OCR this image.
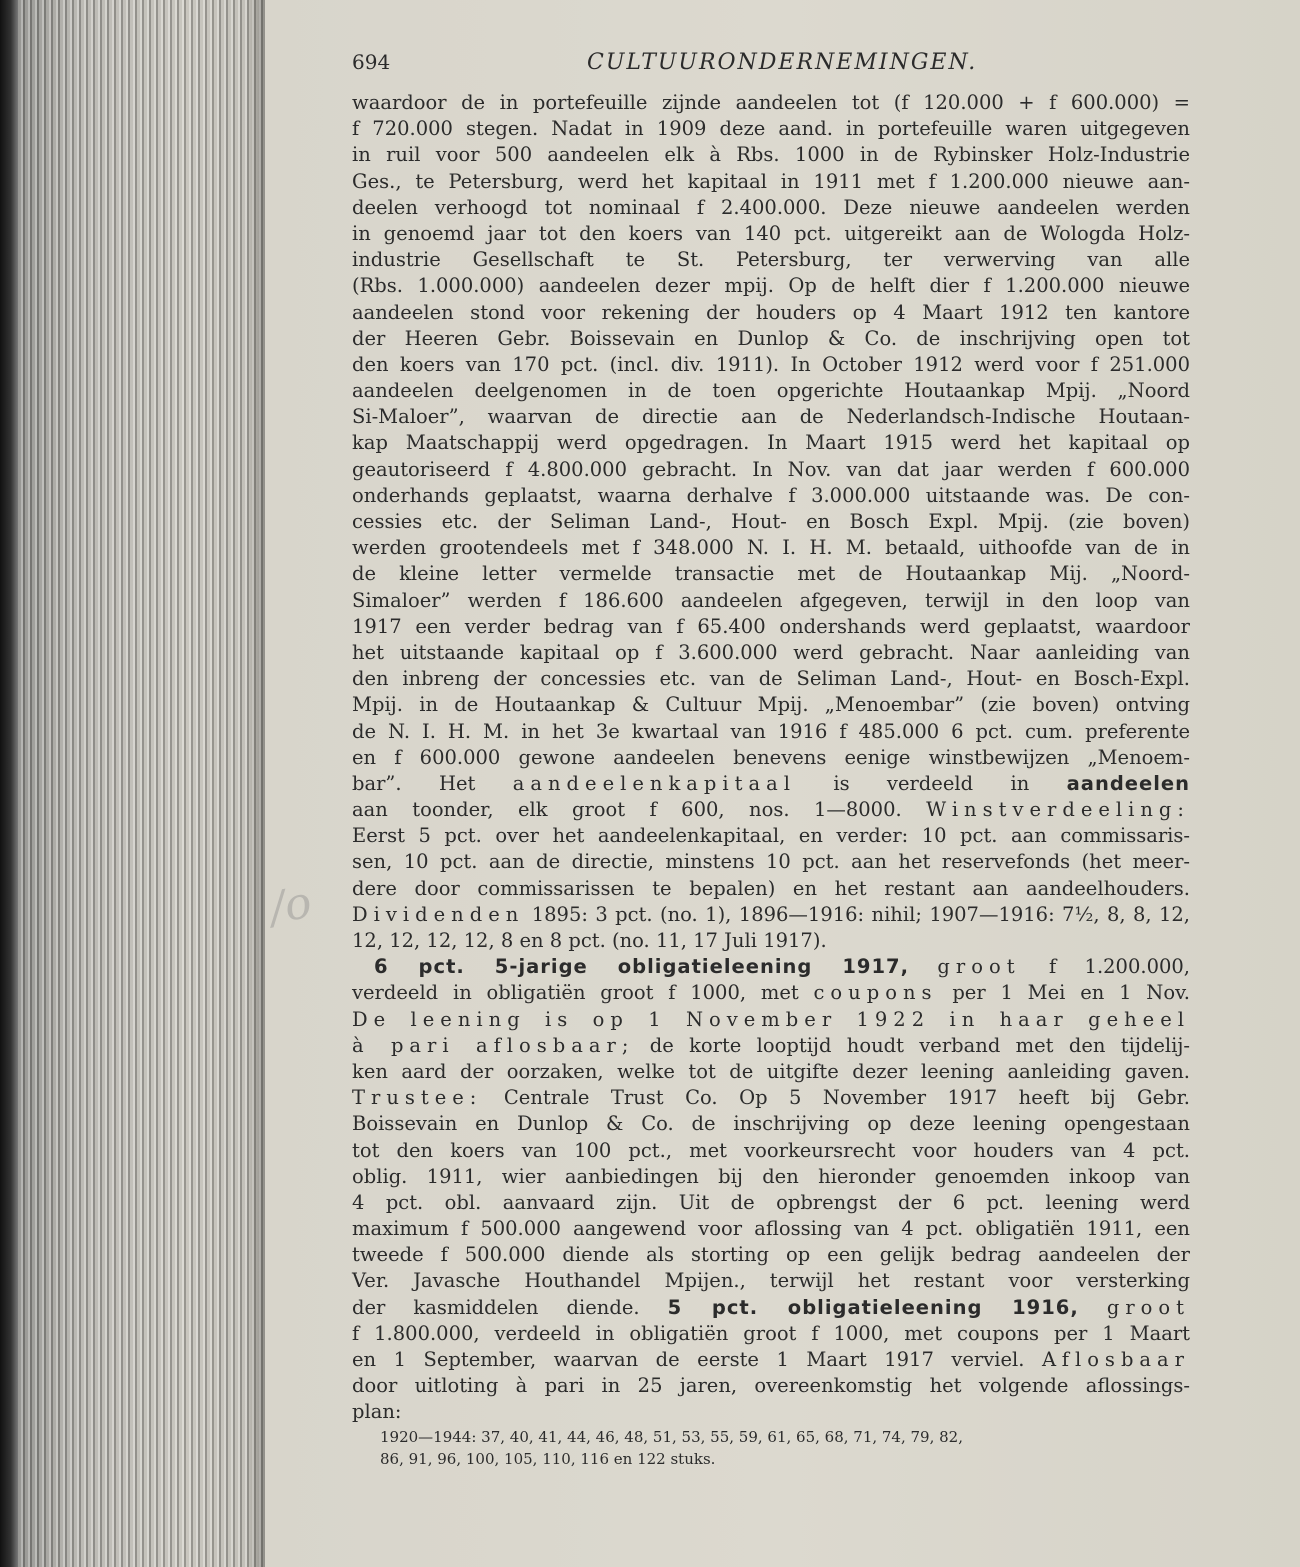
/o
694	CULTUURONDERNEMINGEN.
waardoor de in portefeuille zijnde aandeelen tot (f 120.000 + f 600.000) =
f 720.000 stegen. Nadat in 1909 deze aand. in portefeuille waren uitgegeven
in ruil voor 500 aandeelen elk à Rbs. 1000 in de Rybinsker Holz-Industrie
Ges., te Petersburg, werd het kapitaal in 1911 met f 1.200.000 nieuwe aan-
deelen verhoogd tot nominaal f 2.400.000. Deze nieuwe aandeelen werden
in genoemd jaar tot den koers van 140 pct. uitgereikt aan de Wologda Holz-
industrie Gesellschaft te St. Petersburg, ter verwerving van alle
(Rbs. 1.000.000) aandeelen dezer mpij. Op de helft dier f 1.200.000 nieuwe
aandeelen stond voor rekening der houders op 4 Maart 1912 ten kantore
der Heeren Gebr. Boissevain en Dunlop & Co. de inschrijving open tot
den koers van 170 pct. (incl. div. 1911). In October 1912 werd voor f 251.000
aandeelen deelgenomen in de toen opgerichte Houtaankap Mpij. „Noord
Si-Maloer”, waarvan de directie aan de Nederlandsch-Indische Houtaan-
kap Maatschappij werd opgedragen. In Maart 1915 werd het kapitaal op
geautoriseerd f 4.800.000 gebracht. In Nov. van dat jaar werden f 600.000
onderhands geplaatst, waarna derhalve f 3.000.000 uitstaande was. De con-
cessies etc. der Seliman Land-, Hout- en Bosch Expl. Mpij. (zie boven)
werden grootendeels met f 348.000 N. I. H. M. betaald, uithoofde van de in
de kleine letter vermelde transactie met de Houtaankap Mij. „Noord-
Simaloer” werden f 186.600 aandeelen afgegeven, terwijl in den loop van
1917 een verder bedrag van f 65.400 ondershands werd geplaatst, waardoor
het uitstaande kapitaal op f 3.600.000 werd gebracht. Naar aanleiding van
den inbreng der concessies etc. van de Seliman Land-, Hout- en Bosch-Expl.
Mpij. in de Houtaankap & Cultuur Mpij. „Menoembar” (zie boven) ontving
de N. I. H. M. in het 3e kwartaal van 1916 f 485.000 6 pct. cum. preferente
en f 600.000 gewone aandeelen benevens eenige winstbewijzen „Menoem-
bar”. Het aandeelenkapitaal is verdeeld in aandeelen
aan toonder, elk groot f 600, nos. 1—8000. Winstverdeeling:
Eerst 5 pct. over het aandeelenkapitaal, en verder: 10 pct. aan commissaris-
sen, 10 pct. aan de directie, minstens 10 pct. aan het reservefonds (het meer-
dere door commissarissen te bepalen) en het restant aan aandeelhouders.
Dividenden 1895: 3 pct. (no. 1), 1896—1916: nihil; 1907—1916: 7½, 8, 8, 12,
12, 12, 12, 12, 8 en 8 pct. (no. 11, 17 Juli 1917).
6 pct. 5-jarige obligatieleening 1917, groot f 1.200.000,
verdeeld in obligatiën groot f 1000, met coupons per 1 Mei en 1 Nov.
De leening is op 1 November 1922 in haar geheel
à pari aflosbaar; de korte looptijd houdt verband met den tijdelij-
ken aard der oorzaken, welke tot de uitgifte dezer leening aanleiding gaven.
Trustee: Centrale Trust Co. Op 5 November 1917 heeft bij Gebr.
Boissevain en Dunlop & Co. de inschrijving op deze leening opengestaan
tot den koers van 100 pct., met voorkeursrecht voor houders van 4 pct.
oblig. 1911, wier aanbiedingen bij den hieronder genoemden inkoop van
4 pct. obl. aanvaard zijn. Uit de opbrengst der 6 pct. leening werd
maximum f 500.000 aangewend voor aflossing van 4 pct. obligatiën 1911, een
tweede f 500.000 diende als storting op een gelijk bedrag aandeelen der
Ver. Javasche Houthandel Mpijen., terwijl het restant voor versterking
der kasmiddelen diende. 5 pct. obligatieleening 1916, groot
f 1.800.000, verdeeld in obligatiën groot f 1000, met coupons per 1 Maart
en 1 September, waarvan de eerste 1 Maart 1917 verviel. Aflosbaar
door uitloting à pari in 25 jaren, overeenkomstig het volgende aflossings-
plan:
1920—1944: 37, 40, 41, 44, 46, 48, 51, 53, 55, 59, 61, 65, 68, 71, 74, 79, 82,
86, 91, 96, 100, 105, 110, 116 en 122 stuks.
